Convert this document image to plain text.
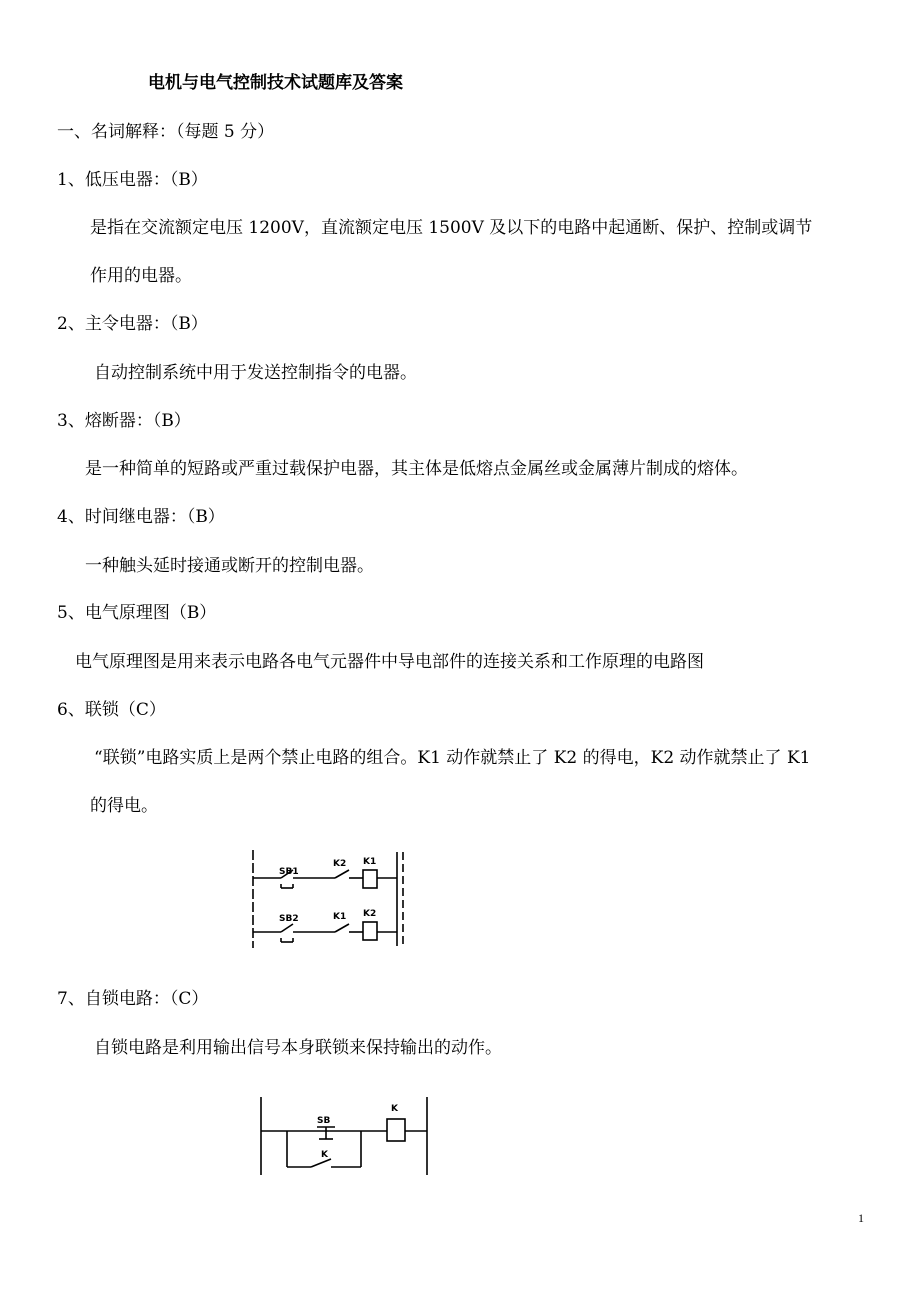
电机与电气控制技术试题库及答案
一、名词解释：（每题 5 分）
1、低压电器：（B）
是指在交流额定电压 1200V，直流额定电压 1500V 及以下的电路中起通断、保护、控制或调节
作用的电器。
2、主令电器：（B）
自动控制系统中用于发送控制指令的电器。
3、熔断器：（B）
是一种简单的短路或严重过载保护电器，其主体是低熔点金属丝或金属薄片制成的熔体。
4、时间继电器：（B）
一种触头延时接通或断开的控制电器。
5、电气原理图（B）
电气原理图是用来表示电路各电气元器件中导电部件的连接关系和工作原理的电路图
6、联锁（C）
“联锁”电路实质上是两个禁止电路的组合。K1 动作就禁止了 K2 的得电，K2 动作就禁止了 K1
的得电。
SB1
K2 K1
SB2	K1 K2
7、自锁电路：（C）
自锁电路是利用输出信号本身联锁来保持输出的动作。
SB
K
K
1
